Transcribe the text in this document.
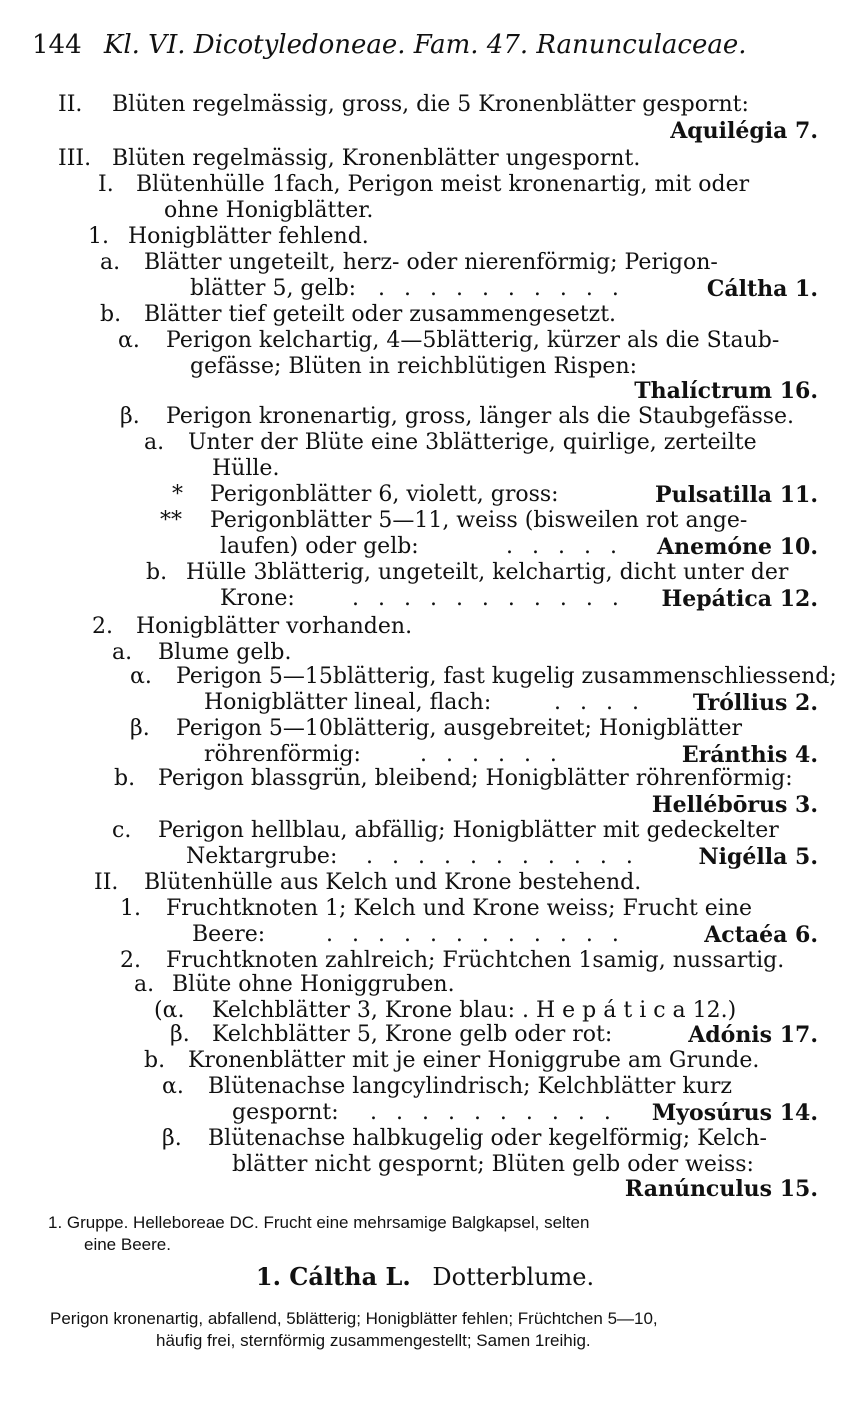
144 Kl. VI. Dicotyledoneae. Fam. 47. Ranunculaceae.
II. Blüten regelmässig, gross, die 5 Kronenblätter gespornt:
Aquilégia 7.
III. Blüten regelmässig, Kronenblätter ungespornt.
I. Blütenhülle 1fach, Perigon meist kronenartig, mit oder
ohne Honigblätter.
1. Honigblätter fehlend.
a. Blätter ungeteilt, herz- oder nierenförmig; Perigon-
blätter 5, gelb: . . . . . . . . . .	Cáltha 1.
b. Blätter tief geteilt oder zusammengesetzt.
α. Perigon kelchartig, 4—5blätterig, kürzer als die Staub-
gefässe; Blüten in reichblütigen Rispen:
Thalíctrum 16.
β. Perigon kronenartig, gross, länger als die Staubgefässe.
a. Unter der Blüte eine 3blätterige, quirlige, zerteilte
Hülle.
* Perigonblätter 6, violett, gross:	Pulsatilla 11.
** Perigonblätter 5—11, weiss (bisweilen rot ange-
laufen) oder gelb:	. . . . . Anemóne 10.
b. Hülle 3blätterig, ungeteilt, kelchartig, dicht unter der
Krone:	. . . . . . . . . . . Hepática 12.
2. Honigblätter vorhanden.
a. Blume gelb.
α. Perigon 5—15blätterig, fast kugelig zusammenschliessend;
Honigblätter lineal, flach:	. . . . Tróllius 2.
β. Perigon 5—10blätterig, ausgebreitet; Honigblätter
röhrenförmig:	. . . . . .	Eránthis 4.
b. Perigon blassgrün, bleibend; Honigblätter röhrenförmig:
Hellébōrus 3.
c. Perigon hellblau, abfällig; Honigblätter mit gedeckelter
Nektargrube: . . . . . . . . . . .	Nigélla 5.
II. Blütenhülle aus Kelch und Krone bestehend.
1. Fruchtknoten 1; Kelch und Krone weiss; Frucht eine
Beere:	. . . . . . . . . . . .	Actaéa 6.
2. Fruchtknoten zahlreich; Früchtchen 1samig, nussartig.
a. Blüte ohne Honiggruben.
(α. Kelchblätter 3, Krone blau: . H e p á t i c a 12.)
β. Kelchblätter 5, Krone gelb oder rot:	Adónis 17.
b. Kronenblätter mit je einer Honiggrube am Grunde.
α. Blütenachse langcylindrisch; Kelchblätter kurz
gespornt: . . . . . . . . . . Myosúrus 14.
β. Blütenachse halbkugelig oder kegelförmig; Kelch-
blätter nicht gespornt; Blüten gelb oder weiss:
Ranúnculus 15.
1. Gruppe. Helleboreae DC. Frucht eine mehrsamige Balgkapsel, selten
eine Beere.
1. Cáltha L. Dotterblume.
Perigon kronenartig, abfallend, 5blätterig; Honigblätter fehlen; Früchtchen 5—10,
häufig frei, sternförmig zusammengestellt; Samen 1reihig.
